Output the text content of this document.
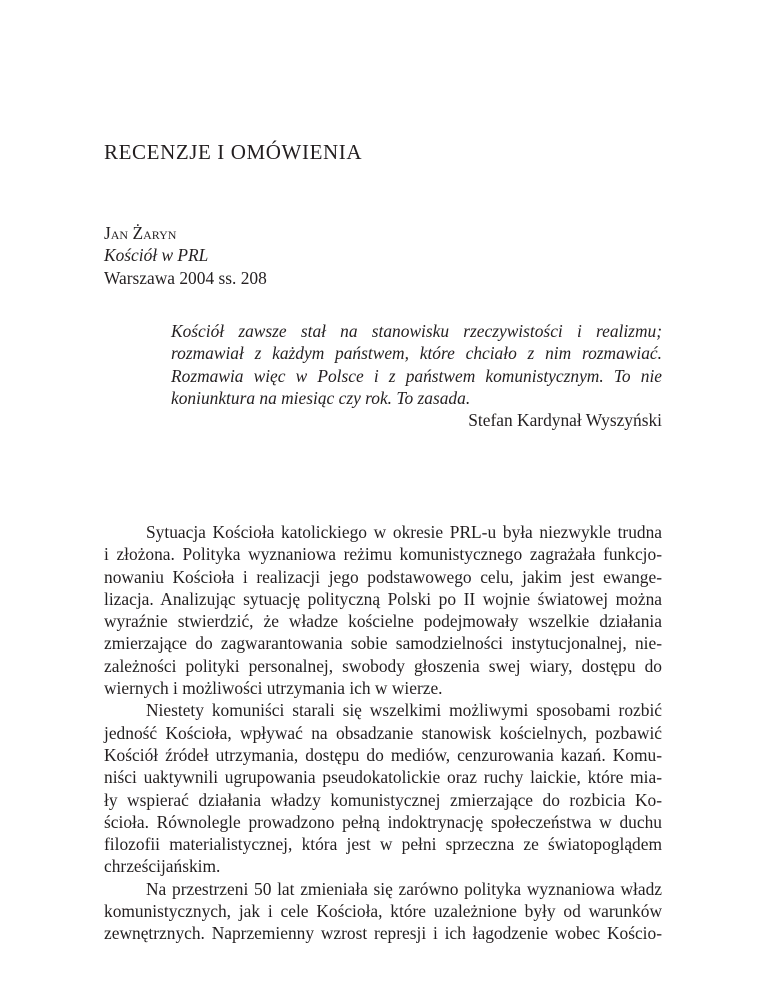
RECENZJE I OMÓWIENIA
Jan Żaryn
Kościół w PRL
Warszawa 2004 ss. 208
Kościół zawsze stał na stanowisku rzeczywistości i realizmu; rozmawiał z każdym państwem, które chciało z nim rozmawiać. Rozmawia więc w Polsce i z państwem komunistycznym. To nie koniunktura na miesiąc czy rok. To zasada.
Stefan Kardynał Wyszyński
Sytuacja Kościoła katolickiego w okresie PRL-u była niezwykle trudna
i złożona. Polityka wyznaniowa reżimu komunistycznego zagrażała funkcjo-
nowaniu Kościoła i realizacji jego podstawowego celu, jakim jest ewange-
lizacja. Analizując sytuację polityczną Polski po II wojnie światowej można
wyraźnie stwierdzić, że władze kościelne podejmowały wszelkie działania
zmierzające do zagwarantowania sobie samodzielności instytucjonalnej, nie-
zależności polityki personalnej, swobody głoszenia swej wiary, dostępu do
wiernych i możliwości utrzymania ich w wierze.
Niestety komuniści starali się wszelkimi możliwymi sposobami rozbić
jedność Kościoła, wpływać na obsadzanie stanowisk kościelnych, pozbawić
Kościół źródeł utrzymania, dostępu do mediów, cenzurowania kazań. Komu-
niści uaktywnili ugrupowania pseudokatolickie oraz ruchy laickie, które mia-
ły wspierać działania władzy komunistycznej zmierzające do rozbicia Ko-
ścioła. Równolegle prowadzono pełną indoktrynację społeczeństwa w duchu
filozofii materialistycznej, która jest w pełni sprzeczna ze światopoglądem
chrześcijańskim.
Na przestrzeni 50 lat zmieniała się zarówno polityka wyznaniowa władz
komunistycznych, jak i cele Kościoła, które uzależnione były od warunków
zewnętrznych. Naprzemienny wzrost represji i ich łagodzenie wobec Kościo-
